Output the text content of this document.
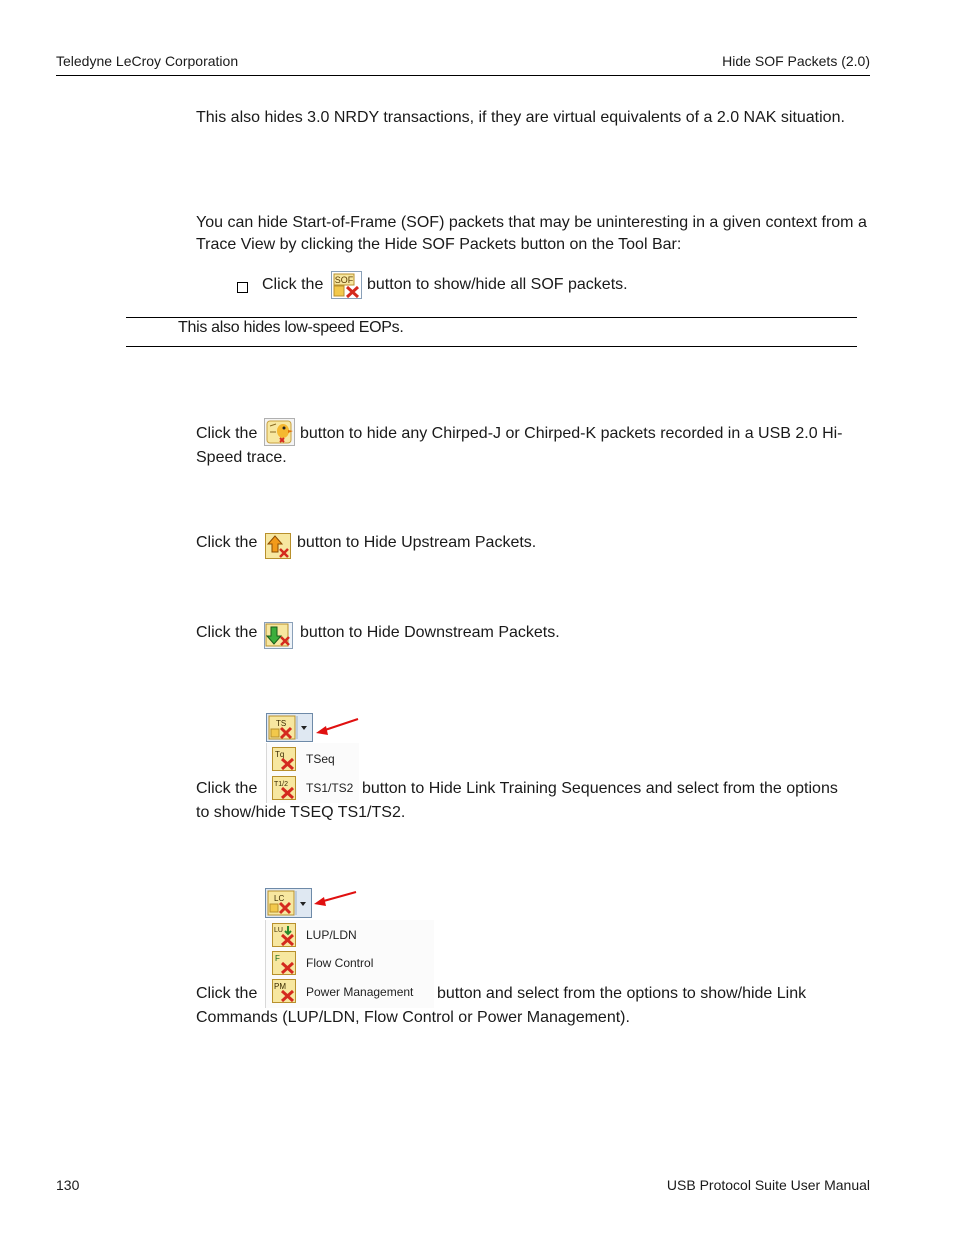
Teledyne LeCroy Corporation	Hide SOF Packets (2.0)
This also hides 3.0 NRDY transactions, if they are virtual equivalents of a 2.0 NAK situation.
You can hide Start-of-Frame (SOF) packets that may be uninteresting in a given context from a Trace View by clicking the Hide SOF Packets button on the Tool Bar:
Click the SOF button to show/hide all SOF packets.
This also hides low-speed EOPs.
Click the	button to hide any Chirped-J or Chirped-K packets recorded in a USB 2.0 Hi-
Speed trace.
Click the button to Hide Upstream Packets.
Click the	button to Hide Downstream Packets.
TS
Tq TSeq
T1/2 TS1/TS2
Click the	button to Hide Link Training Sequences and select from the options
to show/hide TSEQ TS1/TS2.
LC
LU LUP/LDN
F Flow Control
PM Power Management
Click the	button and select from the options to show/hide Link
Commands (LUP/LDN, Flow Control or Power Management).
130	USB Protocol Suite User Manual
